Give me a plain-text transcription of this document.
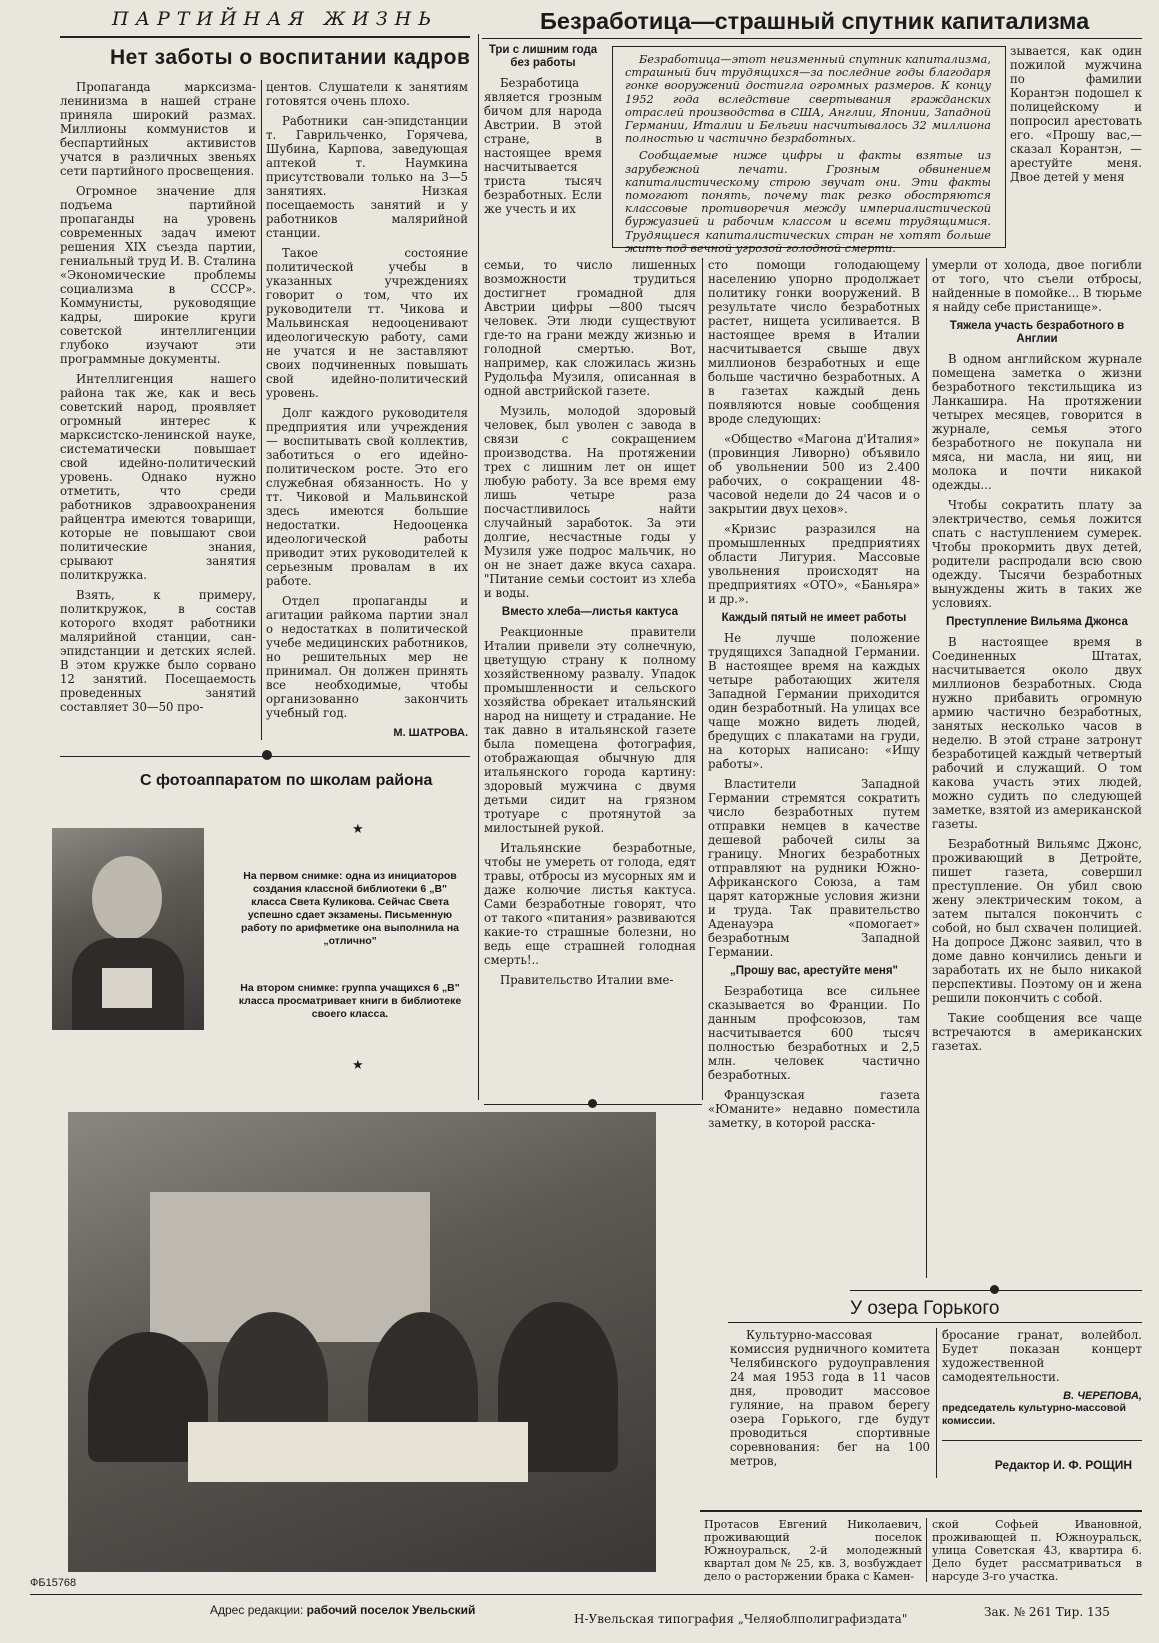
ПАРТИЙНАЯ ЖИЗНЬ
Нет заботы о воспитании кадров

Пропаганда марксизма-ленинизма в нашей стране приняла широкий размах. Миллионы коммунистов и беспартийных активистов учатся в различных звеньях сети партийного просвещения.

Огромное значение для подъема партийной пропаганды на уровень современных задач имеют решения XIX съезда партии, гениальный труд И. В. Сталина «Экономические проблемы социализма в СССР». Коммунисты, руководящие кадры, широкие круги советской интеллигенции глубоко изучают эти программные документы.

Интеллигенция нашего района так же, как и весь советский народ, проявляет огромный интерес к марксистско-ленинской науке, систематически повышает свой идейно-политический уровень. Однако нужно отметить, что среди работников здравоохранения райцентра имеются товарищи, которые не повышают свои политические знания, срывают занятия политкружка.

Взять, к примеру, политкружок, в состав которого входят работники малярийной станции, сан-эпидстанции и детских яслей. В этом кружке было сорвано 12 занятий. Посещаемость проведенных занятий составляет 30—50 про-

центов. Слушатели к занятиям готовятся очень плохо.

Работники сан-эпидстанции т. Гаврильченко, Горячева, Шубина, Карпова, заведующая аптекой т. Наумкина присутствовали только на 3—5 занятиях. Низкая посещаемость занятий и у работников малярийной станции.

Такое состояние политической учебы в указанных учреждениях говорит о том, что их руководители тт. Чикова и Мальвинская недооценивают идеологическую работу, сами не учатся и не заставляют своих подчиненных повышать свой идейно-политический уровень.

Долг каждого руководителя предприятия или учреждения — воспитывать свой коллектив, заботиться о его идейно-политическом росте. Это его служебная обязанность. Но у тт. Чиковой и Мальвинской здесь имеются большие недостатки. Недооценка идеологической работы приводит этих руководителей к серьезным провалам в их работе.

Отдел пропаганды и агитации райкома партии знал о недостатках в политической учебе медицинских работников, но решительных мер не принимал. Он должен принять все необходимые, чтобы организованно закончить учебный год.

М. ШАТРОВА.
С фотоаппаратом по школам района
★
На первом снимке: одна из инициаторов создания классной библиотеки 6 „В" класса Света Куликова. Сейчас Света успешно сдает экзамены. Письменную работу по арифметике она выполнила на „отлично"
На втором снимке: группа учащихся 6 „В" класса просматривает книги в библиотеке своего класса.
★
ФБ15768
Безработица—страшный спутник капитализма
Три с лишним года без работы

Безработица является грозным бичом для народа Австрии. В этой стране, в настоящее время насчитывается триста тысяч безработных. Если же учесть и их

Безработица—этот неизменный спутник капитализма, страшный бич трудящихся—за последние годы благодаря гонке вооружений достигла огромных размеров. К концу 1952 года вследствие свертывания гражданских отраслей производства в США, Англии, Японии, Западной Германии, Италии и Бельгии насчитывалось 32 миллиона полностью и частично безработных.

Сообщаемые ниже цифры и факты взятые из зарубежной печати. Грозным обвинением капиталистическому строю звучат они. Эти факты помогают понять, почему так резко обостряются классовые противоречия между империалистической буржуазией и рабочим классом и всеми трудящимися. Трудящиеся капиталистических стран не хотят больше жить под вечной угрозой голодной смерти.

зывается, как один пожилой мужчина по фамилии Корантэн подошел к полицейскому и попросил арестовать его. «Прошу вас,— сказал Корантэн, — арестуйте меня. Двое детей у меня

семьи, то число лишенных возможности трудиться достигнет громадной для Австрии цифры —800 тысяч человек. Эти люди существуют где-то на грани между жизнью и голодной смертью. Вот, например, как сложилась жизнь Рудольфа Музиля, описанная в одной австрийской газете.

Музиль, молодой здоровый человек, был уволен с завода в связи с сокращением производства. На протяжении трех с лишним лет он ищет любую работу. За все время ему лишь четыре раза посчастливилось найти случайный заработок. За эти долгие, несчастные годы у Музиля уже подрос мальчик, но он не знает даже вкуса сахара. "Питание семьи состоит из хлеба и воды.

Вместо хлеба—листья кактуса

Реакционные правители Италии привели эту солнечную, цветущую страну к полному хозяйственному развалу. Упадок промышленности и сельского хозяйства обрекает итальянский народ на нищету и страдание. Не так давно в итальянской газете была помещена фотография, отображающая обычную для итальянского города картину: здоровый мужчина с двумя детьми сидит на грязном тротуаре с протянутой за милостыней рукой.

Итальянские безработные, чтобы не умереть от голода, едят травы, отбросы из мусорных ям и даже колючие листья кактуса. Сами безработные говорят, что от такого «питания» развиваются какие-то страшные болезни, но ведь еще страшней голодная смерть!..

Правительство Италии вме-

сто помощи голодающему населению упорно продолжает политику гонки вооружений. В результате число безработных растет, нищета усиливается. В настоящее время в Италии насчитывается свыше двух миллионов безработных и еще больше частично безработных. А в газетах каждый день появляются новые сообщения вроде следующих:

«Общество «Магона д'Италия» (провинция Ливорно) объявило об увольнении 500 из 2.400 рабочих, о сокращении 48-часовой недели до 24 часов и о закрытии двух цехов».

«Кризис разразился на промышленных предприятиях области Лигурия. Массовые увольнения происходят на предприятиях «ОТО», «Баньяра» и др.».

Каждый пятый не имеет работы

Не лучше положение трудящихся Западной Германии. В настоящее время на каждых четыре работающих жителя Западной Германии приходится один безработный. На улицах все чаще можно видеть людей, бредущих с плакатами на груди, на которых написано: «Ищу работы».

Властители Западной Германии стремятся сократить число безработных путем отправки немцев в качестве дешевой рабочей силы за границу. Многих безработных отправляют на рудники Южно-Африканского Союза, а там царят каторжные условия жизни и труда. Так правительство Аденауэра «помогает» безработным Западной Германии.

„Прошу вас, арестуйте меня"

Безработица все сильнее сказывается во Франции. По данным профсоюзов, там насчитывается 600 тысяч полностью безработных и 2,5 млн. человек частично безработных.

Французская газета «Юманите» недавно поместила заметку, в которой расска-

умерли от холода, двое погибли от того, что съели отбросы, найденные в помойке... В тюрьме я найду себе пристанище».

Тяжела участь безработного в Англии

В одном английском журнале помещена заметка о жизни безработного текстильщика из Ланкашира. На протяжении четырех месяцев, говорится в журнале, семья этого безработного не покупала ни мяса, ни масла, ни яиц, ни молока и почти никакой одежды...

Чтобы сократить плату за электричество, семья ложится спать с наступлением сумерек. Чтобы прокормить двух детей, родители распродали всю свою одежду. Тысячи безработных вынуждены жить в таких же условиях.

Преступление Вильяма Джонса

В настоящее время в Соединенных Штатах, насчитывается около двух миллионов безработных. Сюда нужно прибавить огромную армию частично безработных, занятых несколько часов в неделю. В этой стране затронут безработицей каждый четвертый рабочий и служащий. О том какова участь этих людей, можно судить по следующей заметке, взятой из американской газеты.

Безработный Вильямс Джонс, проживающий в Детройте, пишет газета, совершил преступление. Он убил свою жену электрическим током, а затем пытался покончить с собой, но был схвачен полицией. На допросе Джонс заявил, что в доме давно кончились деньги и заработать их не было никакой перспективы. Поэтому он и жена решили покончить с собой.

Такие сообщения все чаще встречаются в американских газетах.

У озера Горького

Культурно-массовая комиссия рудничного комитета Челябинского рудоуправления 24 мая 1953 года в 11 часов дня, проводит массовое гуляние, на правом берегу озера Горького, где будут проводиться спортивные соревнования: бег на 100 метров,

бросание гранат, волейбол. Будет показан концерт художественной самодеятельности.

В. ЧЕРЕПОВА,
председатель культурно-массовой комиссии.
Редактор И. Ф. РОЩИН
Протасов Евгений Николаевич, проживающий поселок Южноуральск, 2-й молодежный квартал дом № 25, кв. 3, возбуждает дело о расторжении брака с Камен-
ской Софьей Ивановной, проживающей п. Южноуральск, улица Советская 43, квартира 6. Дело будет рассматриваться в нарсуде 3-го участка.
Адрес редакции: рабочий поселок Увельский
Н-Увельская типография „Челяоблполиграфиздата"	Зак. № 261 Тир. 135
